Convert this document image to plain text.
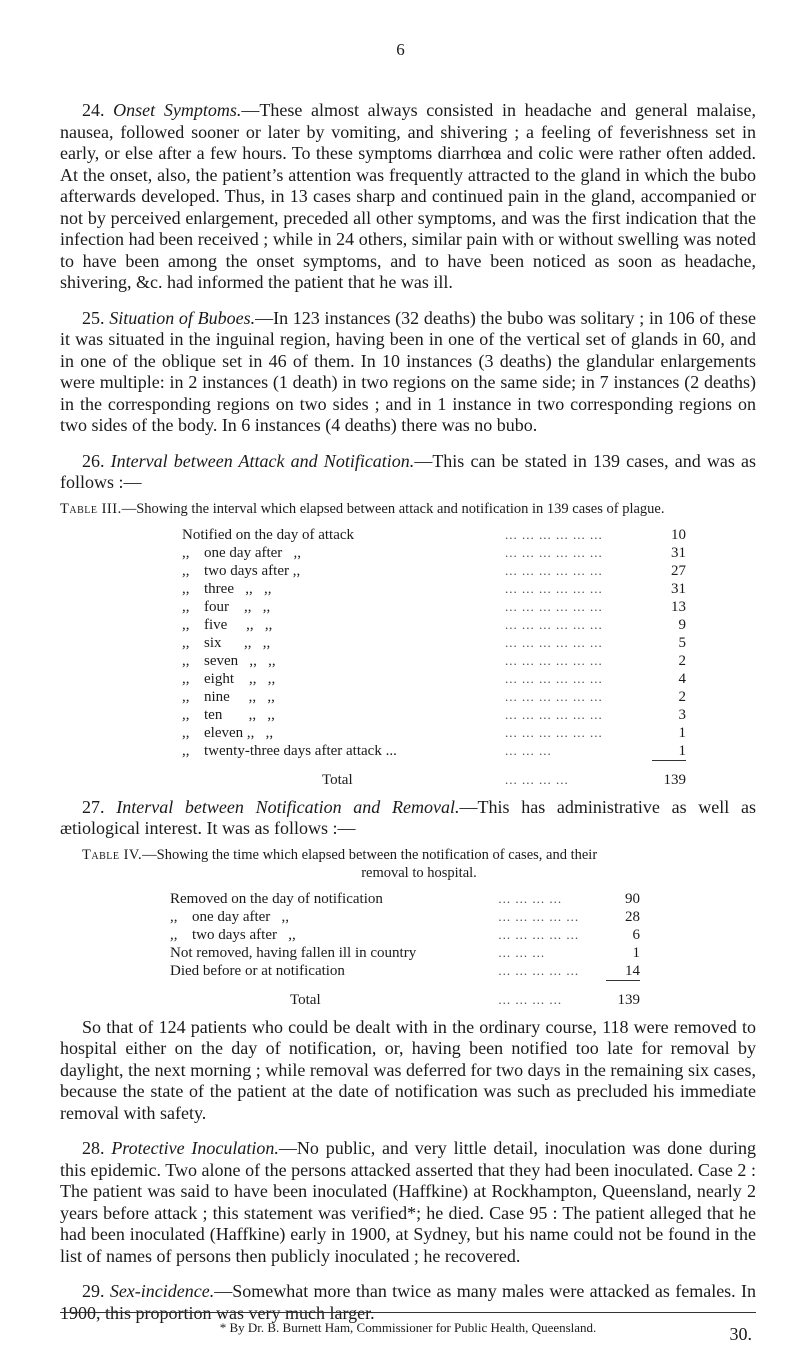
6

24. Onset Symptoms.—These almost always consisted in headache and general malaise, nausea, followed sooner or later by vomiting, and shivering ; a feeling of feverishness set in early, or else after a few hours. To these symptoms diarrhœa and colic were rather often added. At the onset, also, the patient’s attention was frequently attracted to the gland in which the bubo afterwards developed. Thus, in 13 cases sharp and continued pain in the gland, accompanied or not by perceived enlargement, preceded all other symptoms, and was the first indication that the infection had been received ; while in 24 others, similar pain with or without swelling was noted to have been among the onset symptoms, and to have been noticed as soon as headache, shivering, &c. had informed the patient that he was ill.

25. Situation of Buboes.—In 123 instances (32 deaths) the bubo was solitary ; in 106 of these it was situated in the inguinal region, having been in one of the vertical set of glands in 60, and in one of the oblique set in 46 of them. In 10 instances (3 deaths) the glandular enlargements were multiple: in 2 instances (1 death) in two regions on the same side; in 7 instances (2 deaths) in the corresponding regions on two sides ; and in 1 instance in two corresponding regions on two sides of the body. In 6 instances (4 deaths) there was no bubo.

26. Interval between Attack and Notification.—This can be stated in 139 cases, and was as follows :—

Table III.—Showing the interval which elapsed between attack and notification in 139 cases of plague.
Notified on the day of attack	... ... ... ... ... ...	10
,, one day after   ,,	... ... ... ... ... ...	31
,, two days after ,,	... ... ... ... ... ...	27
,, three   ,,   ,,	... ... ... ... ... ...	31
,, four    ,,   ,,	... ... ... ... ... ...	13
,, five     ,,   ,,	... ... ... ... ... ...	9
,, six      ,,   ,,	... ... ... ... ... ...	5
,, seven   ,,   ,,	... ... ... ... ... ...	2
,, eight    ,,   ,,	... ... ... ... ... ...	4
,, nine     ,,   ,,	... ... ... ... ... ...	2
,, ten       ,,   ,,	... ... ... ... ... ...	3
,, eleven ,,   ,,	... ... ... ... ... ...	1
,, twenty-three days after attack ...	... ... ...	1
Total	... ... ... ...	139

27. Interval between Notification and Removal.—This has administrative as well as ætiological interest. It was as follows :—

Table IV.—Showing the time which elapsed between the notification of cases, and their
removal to hospital.
Removed on the day of notification	... ... ... ...	90
,, one day after   ,,	... ... ... ... ...	28
,, two days after   ,,	... ... ... ... ...	6
Not removed, having fallen ill in country	... ... ...	1
Died before or at notification	... ... ... ... ...	14
Total	... ... ... ...	139

So that of 124 patients who could be dealt with in the ordinary course, 118 were removed to hospital either on the day of notification, or, having been notified too late for removal by daylight, the next morning ; while removal was deferred for two days in the remaining six cases, because the state of the patient at the date of notification was such as precluded his immediate removal with safety.

28. Protective Inoculation.—No public, and very little detail, inoculation was done during this epidemic. Two alone of the persons attacked asserted that they had been inoculated. Case 2 : The patient was said to have been inoculated (Haffkine) at Rockhampton, Queensland, nearly 2 years before attack ; this statement was verified*; he died. Case 95 : The patient alleged that he had been inoculated (Haffkine) early in 1900, at Sydney, but his name could not be found in the list of names of persons then publicly inoculated ; he recovered.

29. Sex-incidence.—Somewhat more than twice as many males were attacked as females. In 1900, this proportion was very much larger.

30.
* By Dr. B. Burnett Ham, Commissioner for Public Health, Queensland.
